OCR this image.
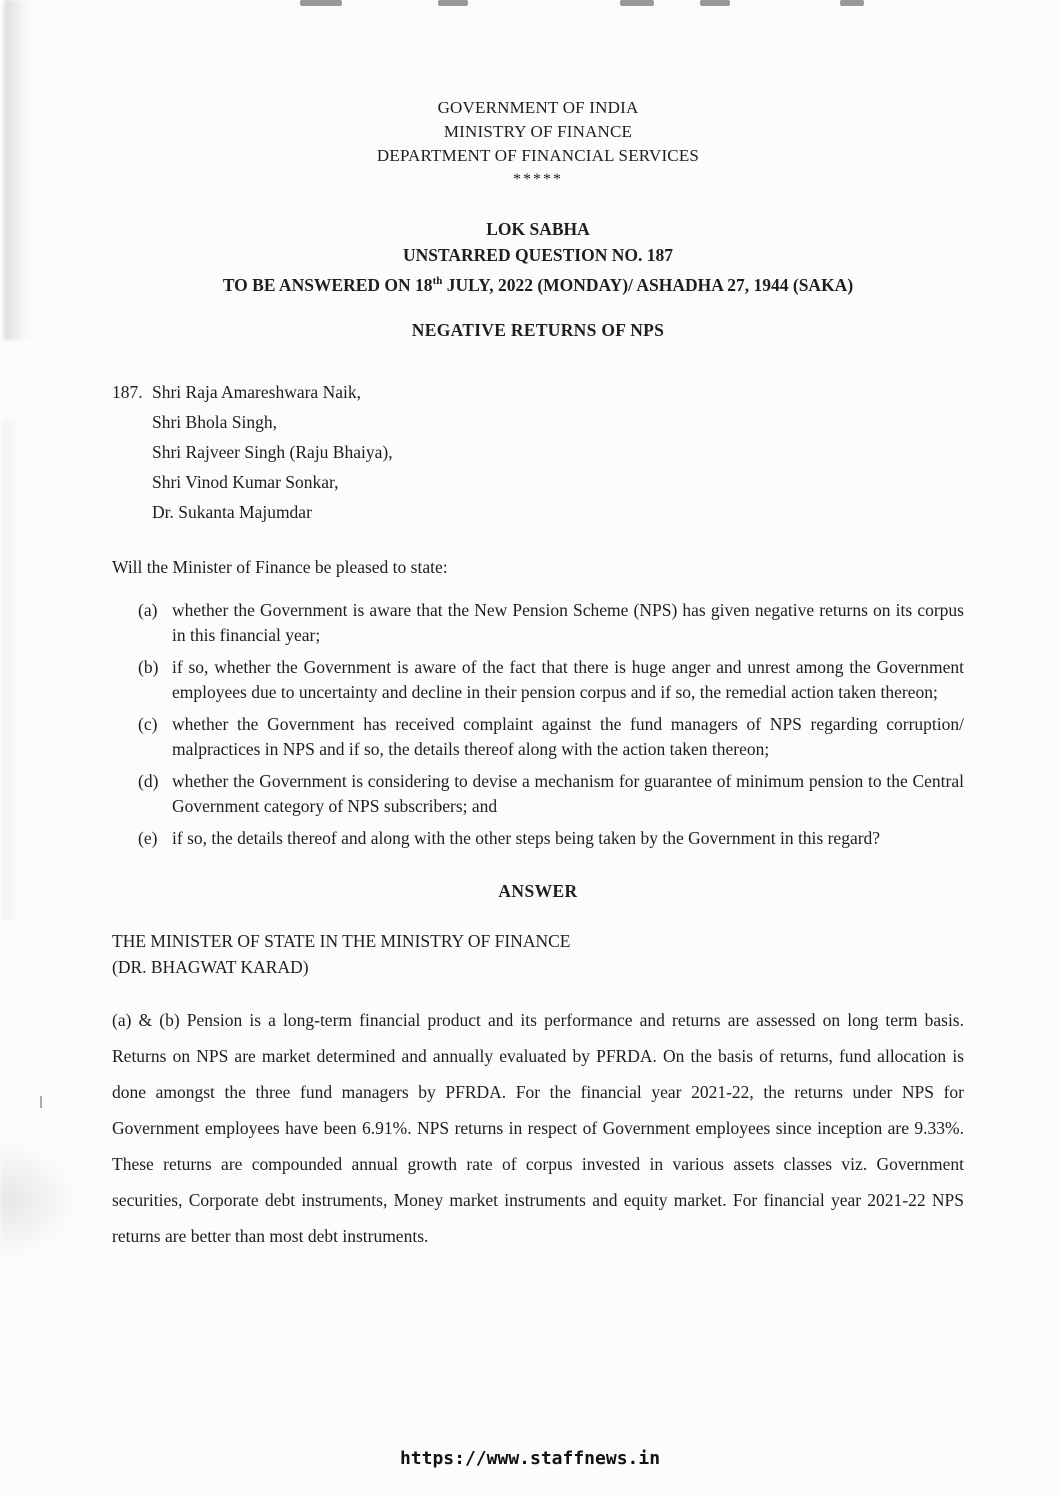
GOVERNMENT OF INDIA
MINISTRY OF FINANCE
DEPARTMENT OF FINANCIAL SERVICES
*****
LOK SABHA
UNSTARRED QUESTION NO. 187
TO BE ANSWERED ON 18th JULY, 2022 (MONDAY)/ ASHADHA 27, 1944 (SAKA)
NEGATIVE RETURNS OF NPS
187. Shri Raja Amareshwara Naik,
Shri Bhola Singh,
Shri Rajveer Singh (Raju Bhaiya),
Shri Vinod Kumar Sonkar,
Dr. Sukanta Majumdar

Will the Minister of Finance be pleased to state:

(a) whether the Government is aware that the New Pension Scheme (NPS) has given negative returns on its corpus in this financial year;
(b) if so, whether the Government is aware of the fact that there is huge anger and unrest among the Government employees due to uncertainty and decline in their pension corpus and if so, the remedial action taken thereon;
(c) whether the Government has received complaint against the fund managers of NPS regarding corruption/ malpractices in NPS and if so, the details thereof along with the action taken thereon;
(d) whether the Government is considering to devise a mechanism for guarantee of minimum pension to the Central Government category of NPS subscribers; and
(e) if so, the details thereof and along with the other steps being taken by the Government in this regard?
ANSWER
THE MINISTER OF STATE IN THE MINISTRY OF FINANCE
(DR. BHAGWAT KARAD)

(a) & (b) Pension is a long-term financial product and its performance and returns are assessed on long term basis. Returns on NPS are market determined and annually evaluated by PFRDA. On the basis of returns, fund allocation is done amongst the three fund managers by PFRDA. For the financial year 2021-22, the returns under NPS for Government employees have been 6.91%. NPS returns in respect of Government employees since inception are 9.33%. These returns are compounded annual growth rate of corpus invested in various assets classes viz. Government securities, Corporate debt instruments, Money market instruments and equity market. For financial year 2021-22 NPS returns are better than most debt instruments.

https://www.staffnews.in
